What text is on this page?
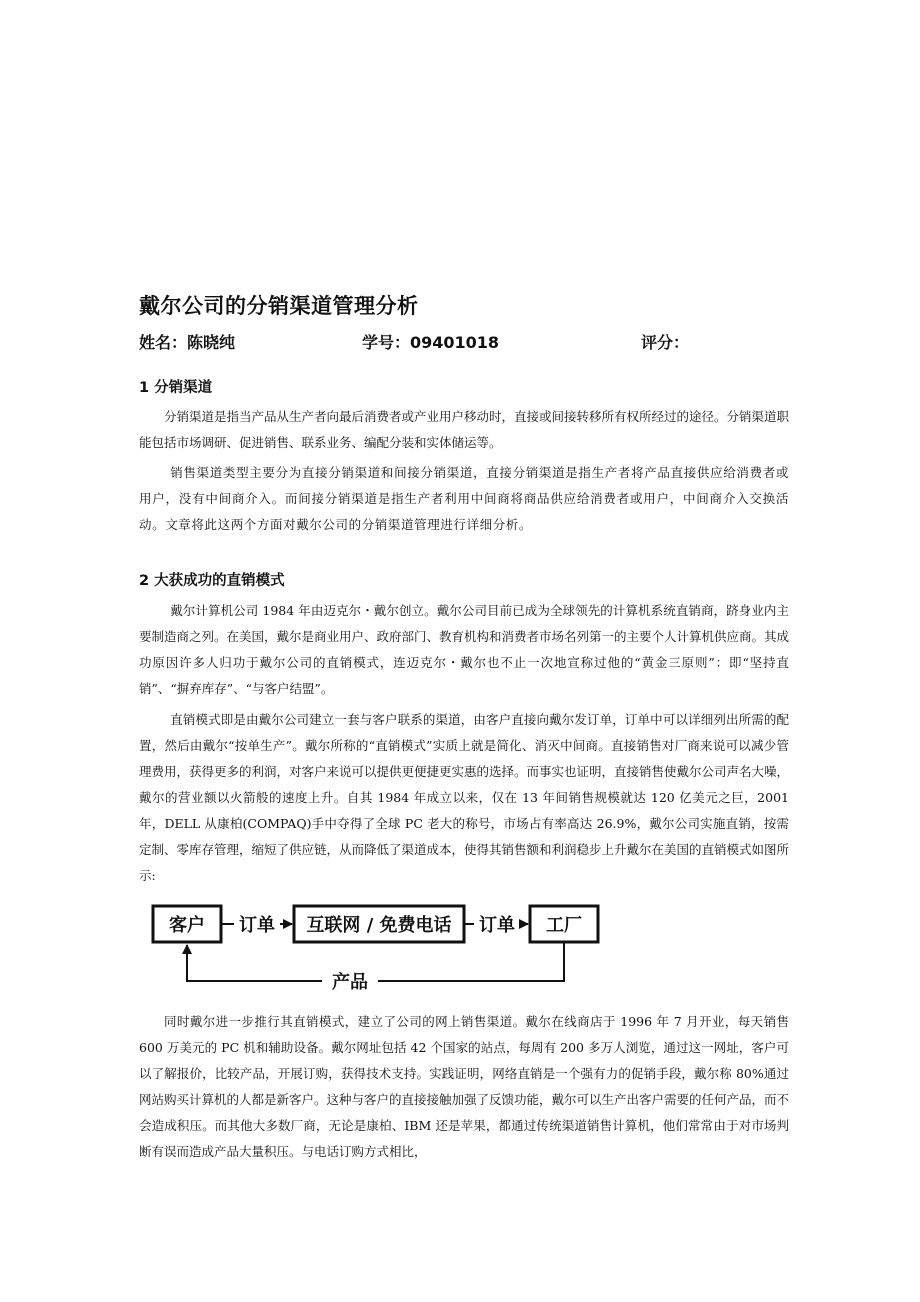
戴尔公司的分销渠道管理分析
姓名：陈晓纯	学号：09401018	评分：
1 分销渠道

分销渠道是指当产品从生产者向最后消费者或产业用户移动时，直接或间接转移所有权所经过的途径。分销渠道职能包括市场调研、促进销售、联系业务、编配分装和实体储运等。

销售渠道类型主要分为直接分销渠道和间接分销渠道，直接分销渠道是指生产者将产品直接供应给消费者或用户，没有中间商介入。而间接分销渠道是指生产者利用中间商将商品供应给消费者或用户，中间商介入交换活动。文章将此这两个方面对戴尔公司的分销渠道管理进行详细分析。

2 大获成功的直销模式

戴尔计算机公司 1984 年由迈克尔・戴尔创立。戴尔公司目前已成为全球领先的计算机系统直销商，跻身业内主要制造商之列。在美国，戴尔是商业用户、政府部门、教育机构和消费者市场名列第一的主要个人计算机供应商。其成功原因许多人归功于戴尔公司的直销模式，连迈克尔・戴尔也不止一次地宣称过他的“黄金三原则”：即“坚持直销”、“摒弃库存”、“与客户结盟”。

直销模式即是由戴尔公司建立一套与客户联系的渠道，由客户直接向戴尔发订单，订单中可以详细列出所需的配置，然后由戴尔“按单生产”。戴尔所称的“直销模式”实质上就是简化、消灭中间商。直接销售对厂商来说可以减少管理费用，获得更多的利润，对客户来说可以提供更便捷更实惠的选择。而事实也证明，直接销售使戴尔公司声名大噪，戴尔的营业额以火箭般的速度上升。自其 1984 年成立以来，仅在 13 年间销售规模就达 120 亿美元之巨，2001 年，DELL 从康柏(COMPAQ)手中夺得了全球 PC 老大的称号，市场占有率高达 26.9%，戴尔公司实施直销，按需定制、零库存管理，缩短了供应链，从而降低了渠道成本，使得其销售额和利润稳步上升戴尔在美国的直销模式如图所示:

客户	互联网 / 免费电话	工厂
订单	订单
产品

同时戴尔进一步推行其直销模式，建立了公司的网上销售渠道。戴尔在线商店于 1996 年 7 月开业，每天销售 600 万美元的 PC 机和辅助设备。戴尔网址包括 42 个国家的站点，每周有 200 多万人浏览，通过这一网址，客户可以了解报价，比较产品，开展订购，获得技术支持。实践证明，网络直销是一个强有力的促销手段，戴尔称 80%通过网站购买计算机的人都是新客户。这种与客户的直接接触加强了反馈功能，戴尔可以生产出客户需要的任何产品，而不会造成积压。而其他大多数厂商，无论是康柏、IBM 还是苹果，都通过传统渠道销售计算机，他们常常由于对市场判断有误而造成产品大量积压。与电话订购方式相比，
